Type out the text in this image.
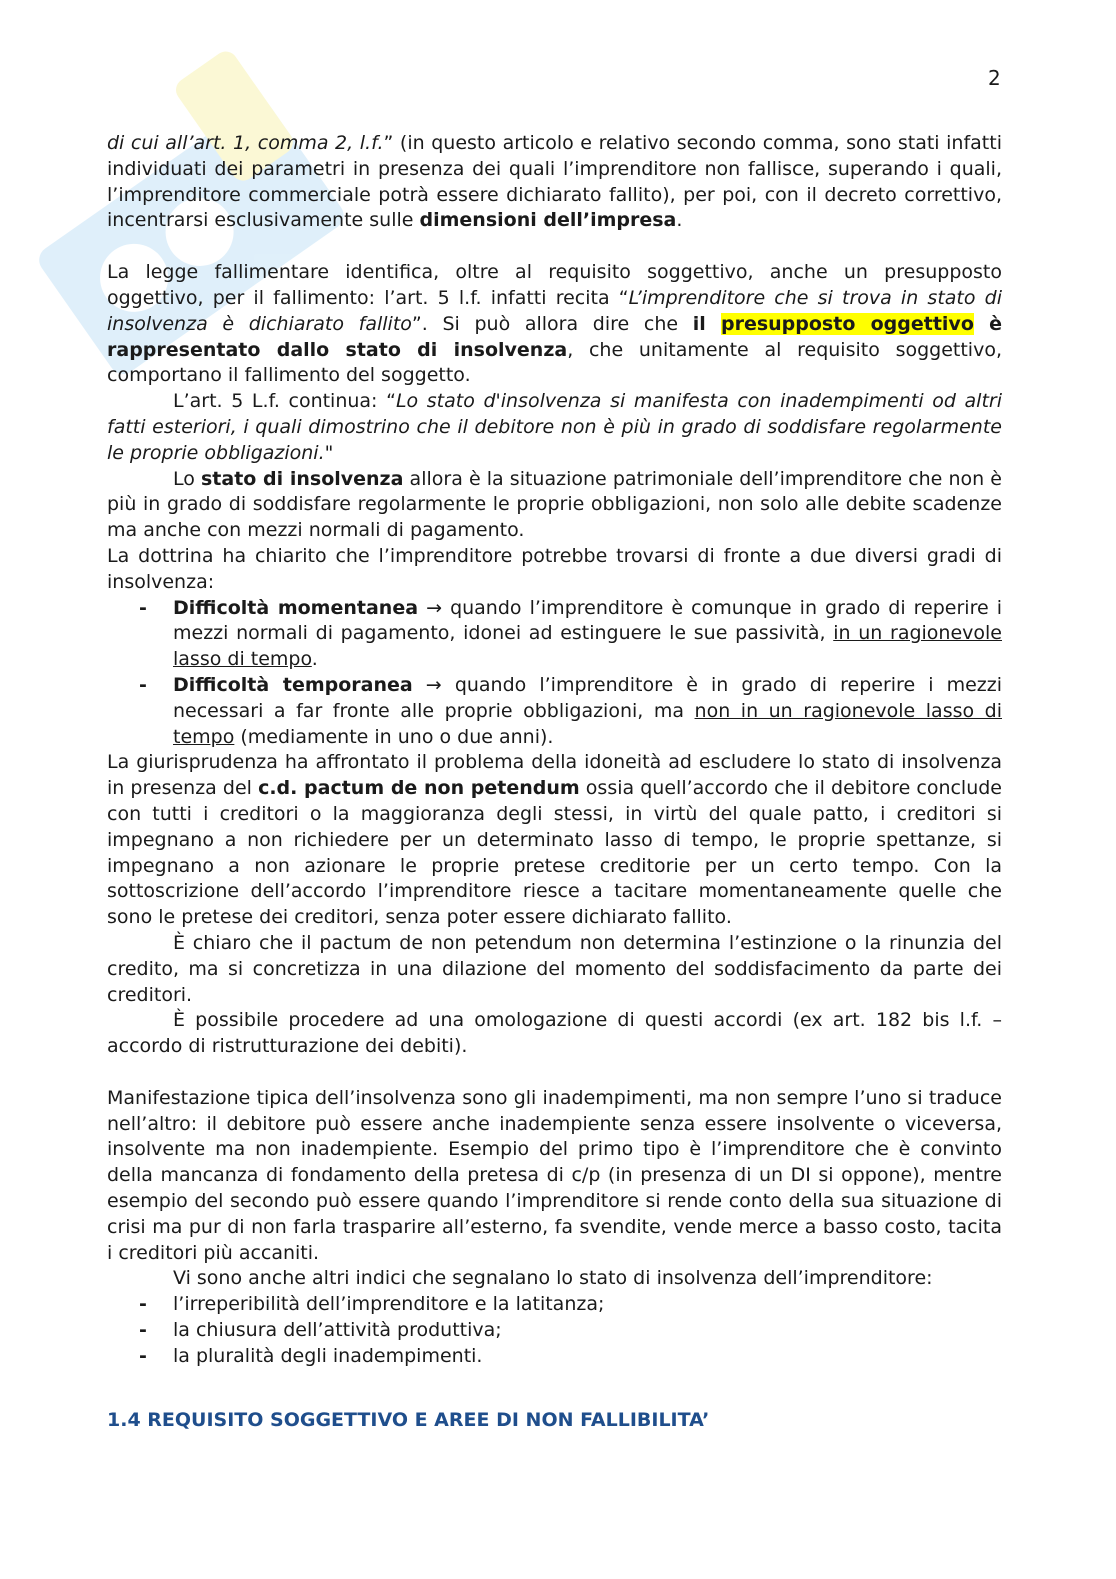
2

di cui all’art. 1, comma 2, l.f.” (in questo articolo e relativo secondo comma, sono stati infatti individuati dei parametri in presenza dei quali l’imprenditore non fallisce, superando i quali, l’imprenditore commerciale potrà essere dichiarato fallito), per poi, con il decreto correttivo, incentrarsi esclusivamente sulle dimensioni dell’impresa.

La legge fallimentare identifica, oltre al requisito soggettivo, anche un presupposto oggettivo, per il fallimento: l’art. 5 l.f. infatti recita “L’imprenditore che si trova in stato di insolvenza è dichiarato fallito”. Si può allora dire che il presupposto oggettivo è rappresentato dallo stato di insolvenza, che unitamente al requisito soggettivo, comportano il fallimento del soggetto.

L’art. 5 L.f. continua: “Lo stato d'insolvenza si manifesta con inadempimenti od altri fatti esteriori, i quali dimostrino che il debitore non è più in grado di soddisfare regolarmente le proprie obbligazioni."

Lo stato di insolvenza allora è la situazione patrimoniale dell’imprenditore che non è più in grado di soddisfare regolarmente le proprie obbligazioni, non solo alle debite scadenze ma anche con mezzi normali di pagamento.

La dottrina ha chiarito che l’imprenditore potrebbe trovarsi di fronte a due diversi gradi di insolvenza:

- Difficoltà momentanea → quando l’imprenditore è comunque in grado di reperire i mezzi normali di pagamento, idonei ad estinguere le sue passività, in un ragionevole lasso di tempo.
- Difficoltà temporanea → quando l’imprenditore è in grado di reperire i mezzi necessari a far fronte alle proprie obbligazioni, ma non in un ragionevole lasso di tempo (mediamente in uno o due anni).

La giurisprudenza ha affrontato il problema della idoneità ad escludere lo stato di insolvenza in presenza del c.d. pactum de non petendum ossia quell’accordo che il debitore conclude con tutti i creditori o la maggioranza degli stessi, in virtù del quale patto, i creditori si impegnano a non richiedere per un determinato lasso di tempo, le proprie spettanze, si impegnano a non azionare le proprie pretese creditorie per un certo tempo. Con la sottoscrizione dell’accordo l’imprenditore riesce a tacitare momentaneamente quelle che sono le pretese dei creditori, senza poter essere dichiarato fallito.

È chiaro che il pactum de non petendum non determina l’estinzione o la rinunzia del credito, ma si concretizza in una dilazione del momento del soddisfacimento da parte dei creditori.

È possibile procedere ad una omologazione di questi accordi (ex art. 182 bis l.f. – accordo di ristrutturazione dei debiti).

Manifestazione tipica dell’insolvenza sono gli inadempimenti, ma non sempre l’uno si traduce nell’altro: il debitore può essere anche inadempiente senza essere insolvente o viceversa, insolvente ma non inadempiente. Esempio del primo tipo è l’imprenditore che è convinto della mancanza di fondamento della pretesa di c/p (in presenza di un DI si oppone), mentre esempio del secondo può essere quando l’imprenditore si rende conto della sua situazione di crisi ma pur di non farla trasparire all’esterno, fa svendite, vende merce a basso costo, tacita i creditori più accaniti.

Vi sono anche altri indici che segnalano lo stato di insolvenza dell’imprenditore:

- l’irreperibilità dell’imprenditore e la latitanza;
- la chiusura dell’attività produttiva;
- la pluralità degli inadempimenti.
1.4 REQUISITO SOGGETTIVO E AREE DI NON FALLIBILITA’
